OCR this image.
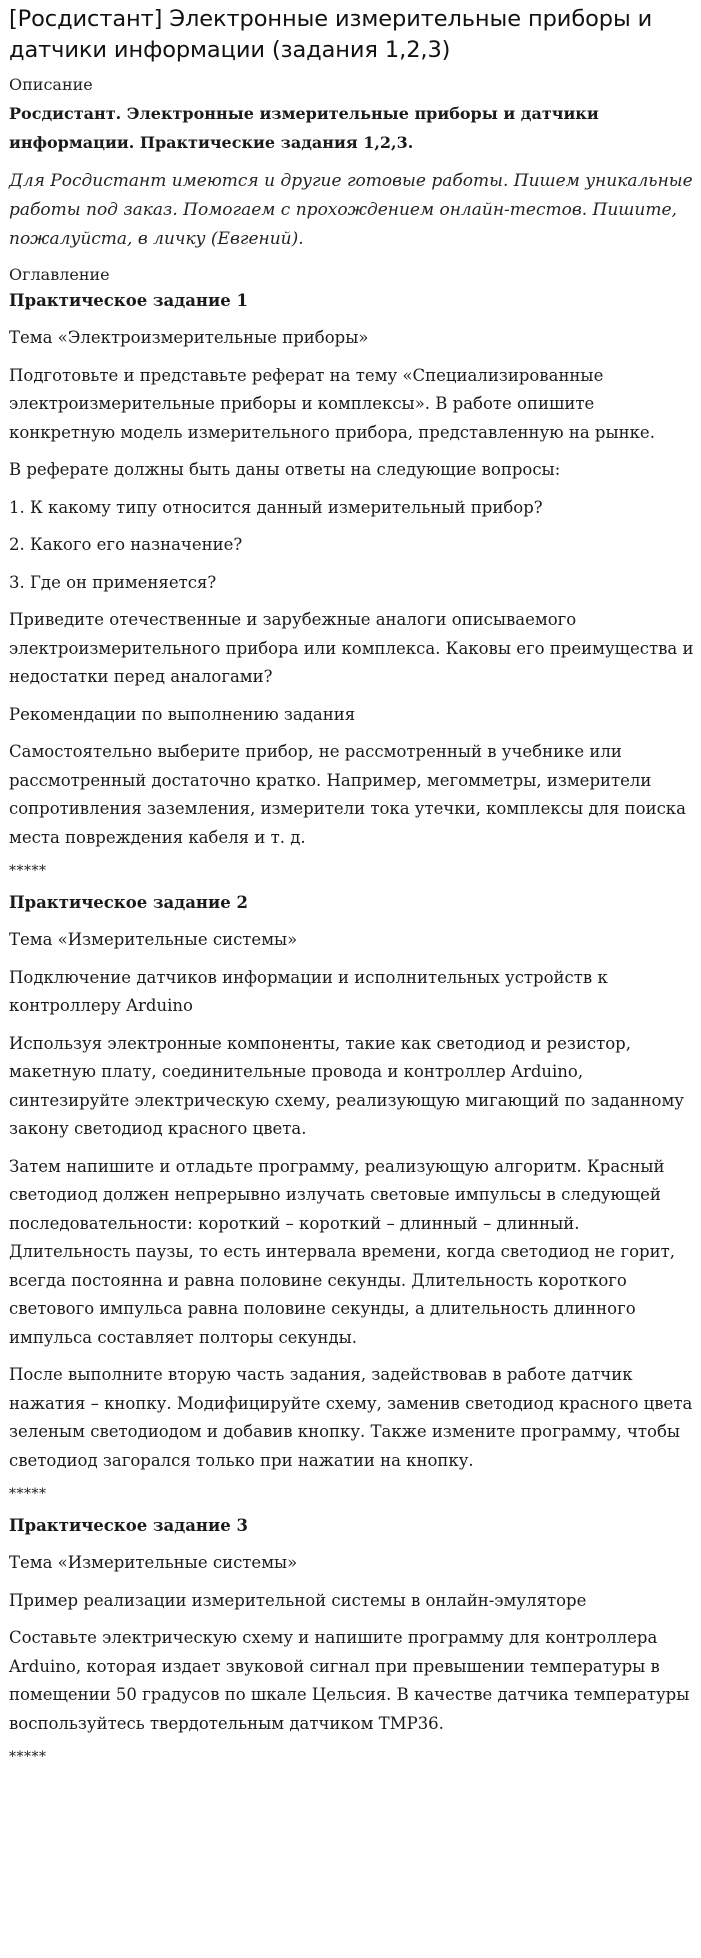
[Росдистант] Электронные измерительные приборы и датчики информации (задания 1,2,3)
Описание

Росдистант. Электронные измерительные приборы и датчики информации. Практические задания 1,2,3.

Для Росдистант имеются и другие готовые работы. Пишем уникальные работы под заказ. Помогаем с прохождением онлайн-тестов. Пишите, пожалуйста, в личку (Евгений).

Оглавление
Практическое задание 1

Тема «Электроизмерительные приборы»

Подготовьте и представьте реферат на тему «Специализированные электроизмерительные приборы и комплексы». В работе опишите конкретную модель измерительного прибора, представленную на рынке.

В реферате должны быть даны ответы на следующие вопросы:

1. К какому типу относится данный измерительный прибор?

2. Какого его назначение?

3. Где он применяется?

Приведите отечественные и зарубежные аналоги описываемого электроизмерительного прибора или комплекса. Каковы его преимущества и недостатки перед аналогами?

Рекомендации по выполнению задания

Самостоятельно выберите прибор, не рассмотренный в учебнике или рассмотренный достаточно кратко. Например, мегомметры, измерители сопротивления заземления, измерители тока утечки, комплексы для поиска места повреждения кабеля и т. д.

*****
Практическое задание 2

Тема «Измерительные системы»

Подключение датчиков информации и исполнительных устройств к контроллеру Arduino

Используя электронные компоненты, такие как светодиод и резистор, макетную плату, соединительные провода и контроллер Arduino, синтезируйте электрическую схему, реализующую мигающий по заданному закону светодиод красного цвета.

Затем напишите и отладьте программу, реализующую алгоритм. Красный светодиод должен непрерывно излучать световые импульсы в следующей последовательности: короткий – короткий – длинный – длинный. Длительность паузы, то есть интервала времени, когда светодиод не горит, всегда постоянна и равна половине секунды. Длительность короткого светового импульса равна половине секунды, а длительность длинного импульса составляет полторы секунды.

После выполните вторую часть задания, задействовав в работе датчик нажатия – кнопку. Модифицируйте схему, заменив светодиод красного цвета зеленым светодиодом и добавив кнопку. Также измените программу, чтобы светодиод загорался только при нажатии на кнопку.

*****
Практическое задание 3

Тема «Измерительные системы»

Пример реализации измерительной системы в онлайн-эмуляторе

Составьте электрическую схему и напишите программу для контроллера Arduino, которая издает звуковой сигнал при превышении температуры в помещении 50 градусов по шкале Цельсия. В качестве датчика температуры воспользуйтесь твердотельным датчиком TMP36.

*****
